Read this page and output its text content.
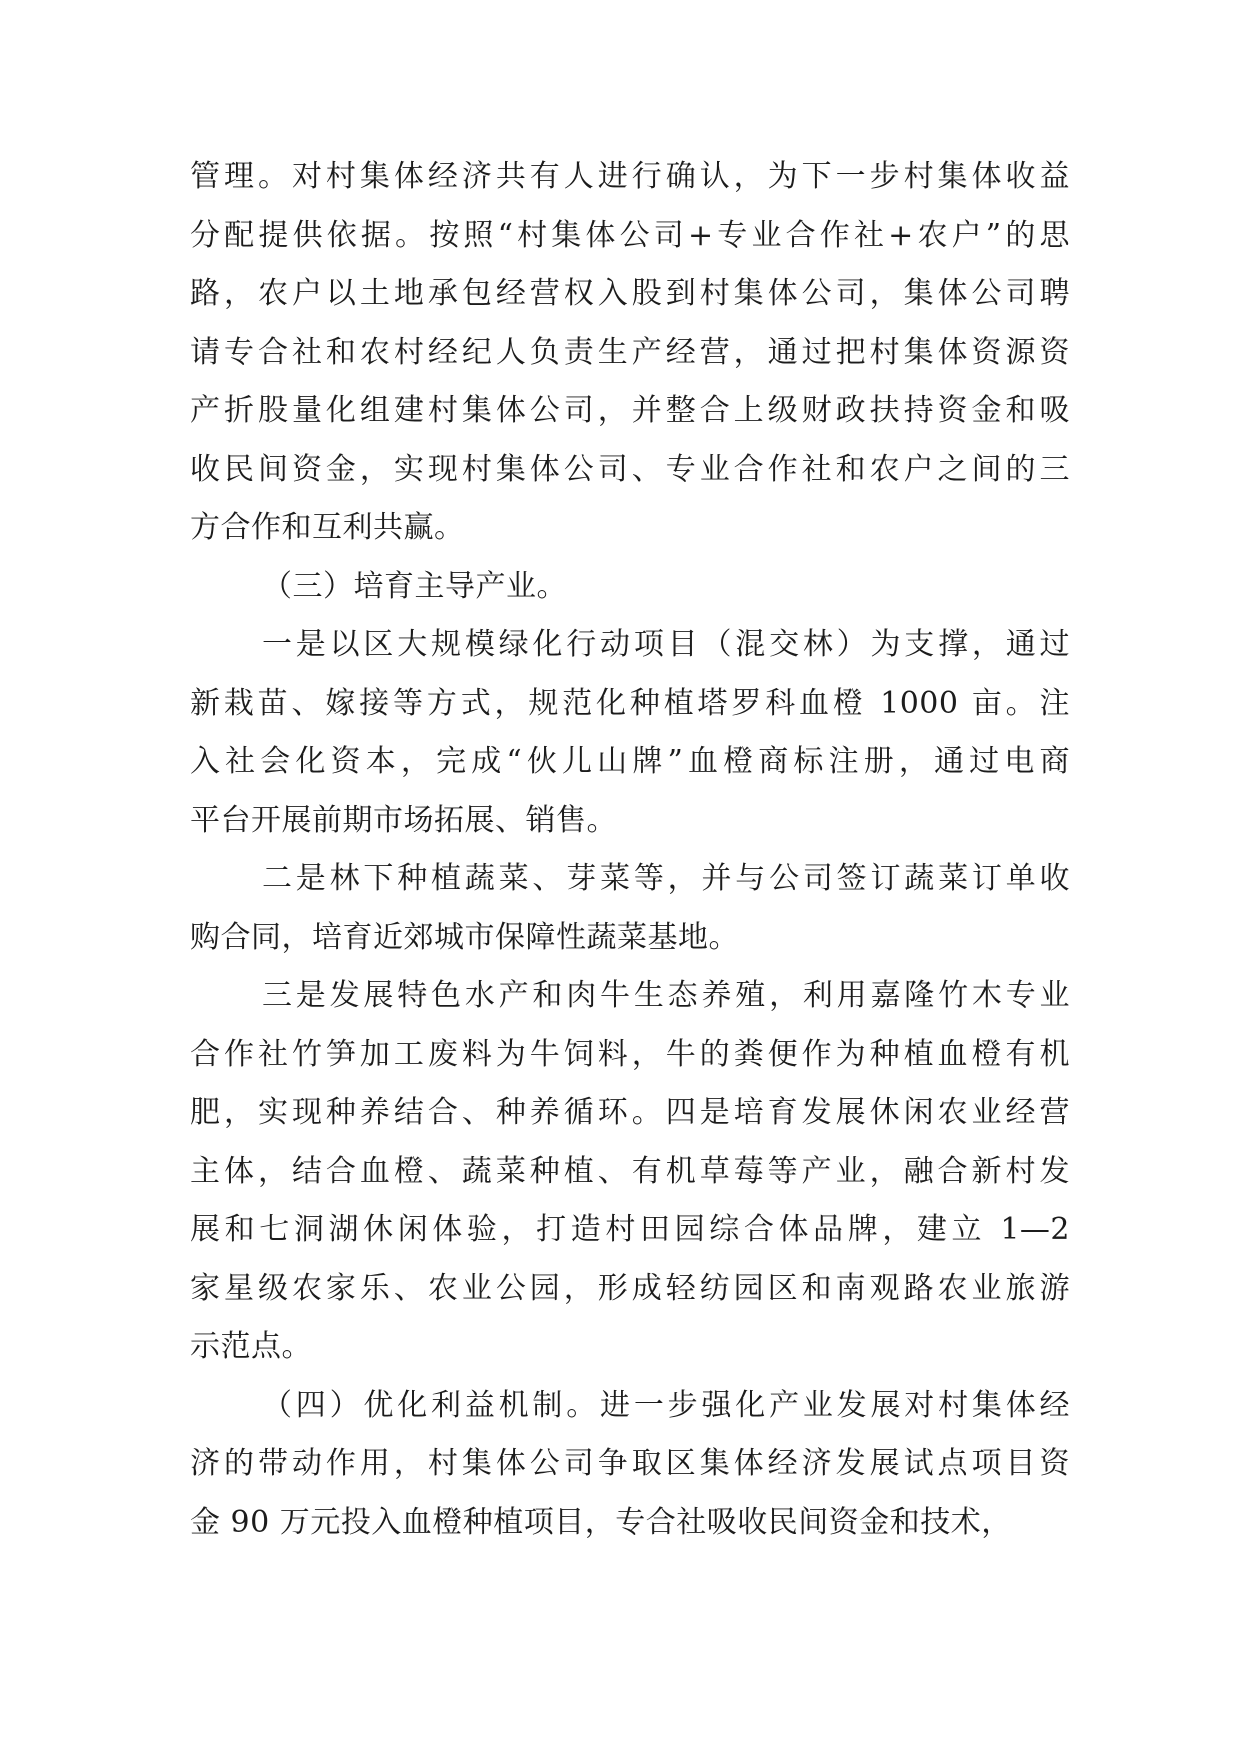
管理。对村集体经济共有人进行确认，为下一步村集体收益
分配提供依据。按照“村集体公司+专业合作社+农户”的思
路，农户以土地承包经营权入股到村集体公司，集体公司聘
请专合社和农村经纪人负责生产经营，通过把村集体资源资
产折股量化组建村集体公司，并整合上级财政扶持资金和吸
收民间资金，实现村集体公司、专业合作社和农户之间的三
方合作和互利共赢。
（三）培育主导产业。
一是以区大规模绿化行动项目（混交林）为支撑，通过
新栽苗、嫁接等方式，规范化种植塔罗科血橙 1000 亩。注
入社会化资本，完成“伙儿山牌”血橙商标注册，通过电商
平台开展前期市场拓展、销售。
二是林下种植蔬菜、芽菜等，并与公司签订蔬菜订单收
购合同，培育近郊城市保障性蔬菜基地。
三是发展特色水产和肉牛生态养殖，利用嘉隆竹木专业
合作社竹笋加工废料为牛饲料，牛的粪便作为种植血橙有机
肥，实现种养结合、种养循环。四是培育发展休闲农业经营
主体，结合血橙、蔬菜种植、有机草莓等产业，融合新村发
展和七洞湖休闲体验，打造村田园综合体品牌，建立 1—2
家星级农家乐、农业公园，形成轻纺园区和南观路农业旅游
示范点。
（四）优化利益机制。进一步强化产业发展对村集体经
济的带动作用，村集体公司争取区集体经济发展试点项目资
金 90 万元投入血橙种植项目，专合社吸收民间资金和技术，
